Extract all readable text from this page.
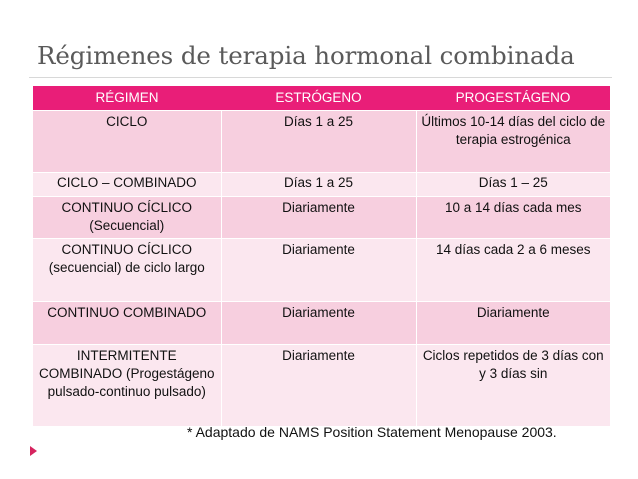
Régimenes de terapia hormonal combinada
RÉGIMEN	ESTRÓGENO	PROGESTÁGENO
CICLO	Días 1 a 25	Últimos 10-14 días del ciclo de terapia estrogénica
CICLO – COMBINADO	Días 1 a 25	Días 1 – 25
CONTINUO CÍCLICO (Secuencial)	Diariamente	10 a 14 días cada mes
CONTINUO CÍCLICO (secuencial) de ciclo largo	Diariamente	14 días cada 2 a 6 meses
CONTINUO COMBINADO	Diariamente	Diariamente
INTERMITENTE COMBINADO (Progestágeno pulsado-continuo pulsado)	Diariamente	Ciclos repetidos de 3 días con y 3 días sin
* Adaptado de NAMS Position Statement Menopause 2003.
